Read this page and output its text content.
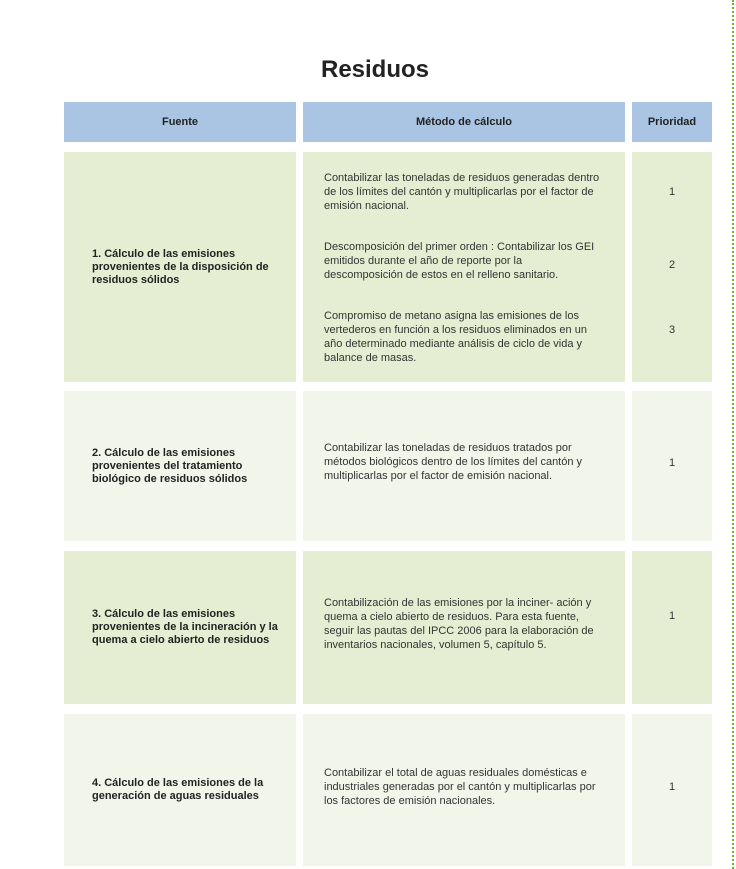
Residuos
Fuente	Método de cálculo	Prioridad
1. Cálculo de las emisiones provenientes de la disposición de residuos sólidos

Contabilizar las toneladas de residuos generadas dentro de los límites del cantón y multiplicarlas por el factor de emisión nacional.

Descomposición del primer orden : Contabilizar los GEI emitidos durante el año de reporte por la descomposición de estos en el relleno sanitario.

Compromiso de metano asigna las emisiones de los vertederos en función a los residuos eliminados en un año determinado mediante análisis de ciclo de vida y balance de masas.

1
2
3
2. Cálculo de las emisiones provenientes del tratamiento biológico de residuos sólidos

Contabilizar las toneladas de residuos tratados por métodos biológicos dentro de los límites del cantón y multiplicarlas por el factor de emisión nacional.

1
3. Cálculo de las emisiones provenientes de la incineración y la quema a cielo abierto de residuos

Contabilización de las emisiones por la inciner- ación y quema a cielo abierto de residuos. Para esta fuente, seguir las pautas del IPCC 2006 para la elaboración de inventarios nacionales, volumen 5, capítulo 5.

1
4. Cálculo de las emisiones de la generación de aguas residuales

Contabilizar el total de aguas residuales domésticas e industriales generadas por el cantón y multiplicarlas por los factores de emisión nacionales.

1
